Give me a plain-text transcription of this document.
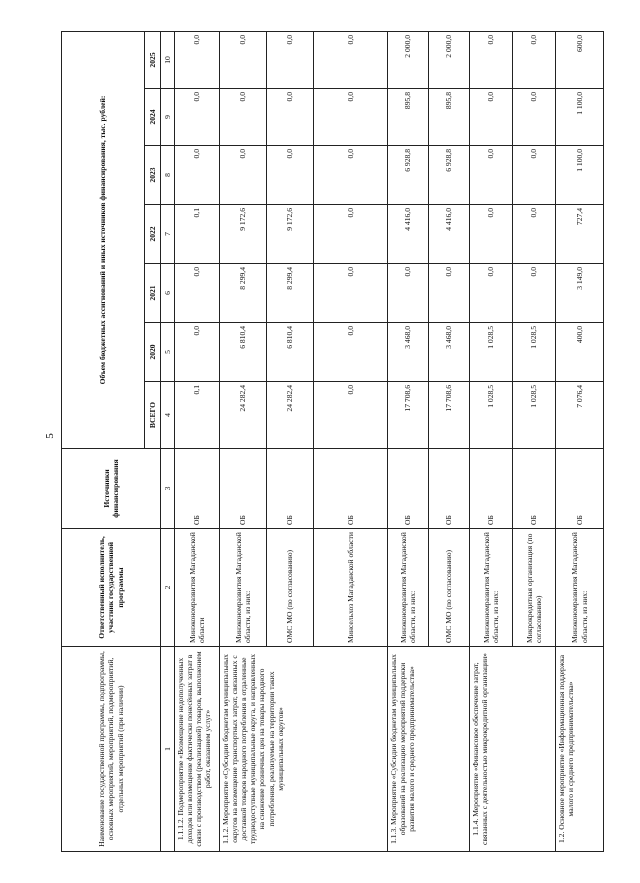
5
Наименование государственной программы, подпрограммы, основных мероприятий, мероприятий, подмероприятий, отдельных мероприятий (при наличии)	Ответственный исполнитель, участник государственной программы	Источники финансирования	Объем бюджетных ассигнований и иных источников финансирования, тыс. рублей:						
			ВСЕГО	2020	2021	2022	2023	2024	2025
1	2	3	4	5	6	7	8	9	10
1.1.1.2. Подмероприятие «Возмещение недополученных доходов или возмещение фактически понесённых затрат в связи с производством (реализацией) товаров, выполнением работ, оказанием услуг»	Минэкономразвития Магаданской области	ОБ	0,1	0,0	0,0	0,1	0,0	0,0	0,0
1.1.2. Мероприятие «Субсидии бюджетам муниципальных округов на возмещение транспортных затрат, связанных с доставкой товаров народного потребления в отдаленные труднодоступные муниципальные округа, и направленных на снижение розничных цен на товары народного потребления, реализуемые на территории таких муниципальных округов»	Минэкономразвития Магаданской области, из них:	ОБ	24 282,4	6 810,4	8 299,4	9 172,6	0,0	0,0	0,0
	ОМС МО (по согласованию)	ОБ	24 282,4	6 810,4	8 299,4	9 172,6	0,0	0,0	0,0
	Минсельхоз Магаданской области	ОБ	0,0	0,0	0,0	0,0	0,0	0,0	0,0
1.1.3. Мероприятие «Субсидии бюджетам муниципальных образований на реализацию мероприятий поддержки развития малого и среднего предпринимательства»	Минэкономразвития Магаданской области, из них:	ОБ	17 708,6	3 468,0	0,0	4 416,0	6 928,8	895,8	2 000,0
	ОМС МО (по согласованию)	ОБ	17 708,6	3 468,0	0,0	4 416,0	6 928,8	895,8	2 000,0
1.1.4. Мероприятие «Финансовое обеспечение затрат, связанных с деятельностью микрокредитной организации»	Минэкономразвития Магаданской области, из них:	ОБ	1 028,5	1 028,5	0,0	0,0	0,0	0,0	0,0
	Микрокредитная организация (по согласованию)	ОБ	1 028,5	1 028,5	0,0	0,0	0,0	0,0	0,0
1.2. Основное мероприятие «Информационная поддержка малого и среднего предпринимательства»	Минэкономразвития Магаданской области, из них:	ОБ	7 076,4	400,0	3 149,0	727,4	1 100,0	1 100,0	600,0
